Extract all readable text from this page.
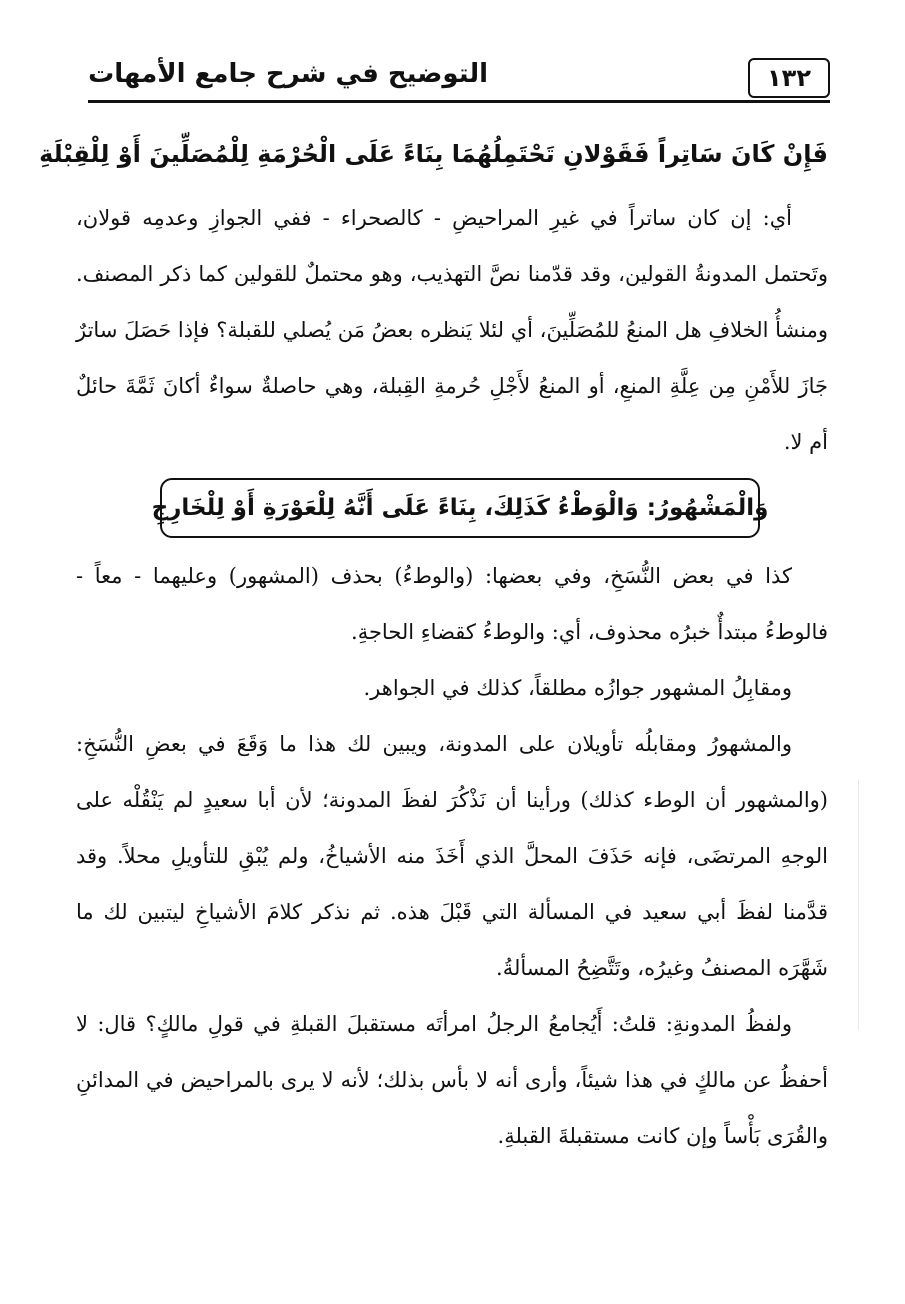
١٣٢
التوضيح في شرح جامع الأمهات
فَإِنْ كَانَ سَاتِراً فَقَوْلانِ تَحْتَمِلُهُمَا بِنَاءً عَلَى الْحُرْمَةِ لِلْمُصَلِّينَ أَوْ لِلْقِبْلَةِ

أي: إن كان ساتراً في غيرِ المراحيضِ - كالصحراء - ففي الجوازِ وعدمِه قولان، وتَحتمل المدونةُ القولين، وقد قدّمنا نصَّ التهذيب، وهو محتملٌ للقولين كما ذكر المصنف. ومنشأُ الخلافِ هل المنعُ للمُصَلِّينَ، أي لئلا يَنظره بعضُ مَن يُصلي للقبلة؟ فإذا حَصَلَ ساترٌ جَازَ للأَمْنِ مِن عِلَّةِ المنعِ، أو المنعُ لأَجْلِ حُرمةِ القِبلة، وهي حاصلةٌ سواءٌ أكانَ ثَمَّةَ حائلٌ أم لا.

وَالْمَشْهُورُ: وَالْوَطْءُ كَذَلِكَ، بِنَاءً عَلَى أَنَّهُ لِلْعَوْرَةِ أَوْ لِلْخَارِجِ

كذا في بعض النُّسَخِ، وفي بعضها: (والوطءُ) بحذف (المشهور) وعليهما - معاً - فالوطءُ مبتدأٌ خبرُه محذوف، أي: والوطءُ كقضاءِ الحاجةِ.

ومقابِلُ المشهور جوازُه مطلقاً، كذلك في الجواهر.

والمشهورُ ومقابلُه تأويلان على المدونة، ويبين لك هذا ما وَقَعَ في بعضِ النُّسَخِ: (والمشهور أن الوطء كذلك) ورأينا أن نَذْكُرَ لفظَ المدونة؛ لأن أبا سعيدٍ لم يَنْقُلْه على الوجهِ المرتضَى، فإنه حَذَفَ المحلَّ الذي أَخَذَ منه الأشياخُ، ولم يُبْقِ للتأويلِ محلاً. وقد قدَّمنا لفظَ أبي سعيد في المسألة التي قَبْلَ هذه. ثم نذكر كلامَ الأشياخِ ليتبين لك ما شَهَّرَه المصنفُ وغيرُه، وتَتَّضِحُ المسألةُ.

ولفظُ المدونةِ: قلتُ: أَيُجامعُ الرجلُ امرأتَه مستقبلَ القبلةِ في قولِ مالكٍ؟ قال: لا أحفظُ عن مالكٍ في هذا شيئاً، وأرى أنه لا بأس بذلك؛ لأنه لا يرى بالمراحيض في المدائنِ والقُرَى بَأْساً وإن كانت مستقبلةَ القبلةِ.
